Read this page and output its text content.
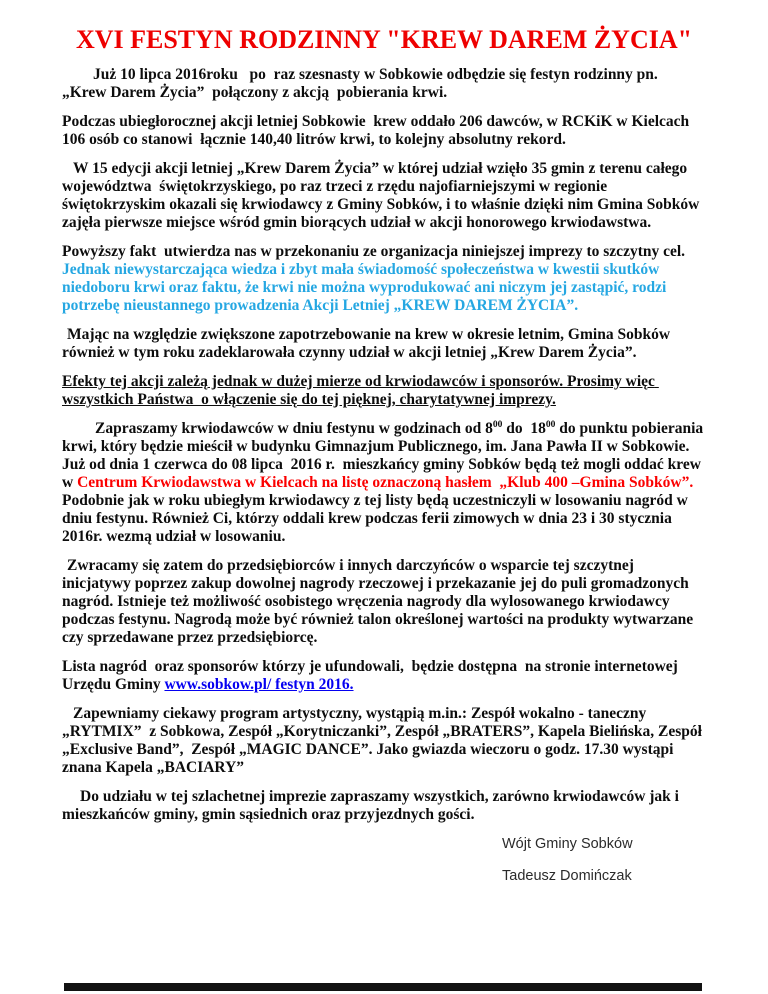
XVI FESTYN RODZINNY "KREW DAREM ŻYCIA"

Już 10 lipca 2016roku   po  raz szesnasty w Sobkowie odbędzie się festyn rodzinny pn. „Krew Darem Życia”  połączony z akcją  pobierania krwi.

Podczas ubiegłorocznej akcji letniej Sobkowie  krew oddało 206 dawców, w RCKiK w Kielcach 106 osób co stanowi  łącznie 140,40 litrów krwi, to kolejny absolutny rekord.

W 15 edycji akcji letniej „Krew Darem Życia” w której udział wzięło 35 gmin z terenu całego województwa  świętokrzyskiego, po raz trzeci z rzędu najofiarniejszymi w regionie świętokrzyskim okazali się krwiodawcy z Gminy Sobków, i to właśnie dzięki nim Gmina Sobków zajęła pierwsze miejsce wśród gmin biorących udział w akcji honorowego krwiodawstwa.

Powyższy fakt  utwierdza nas w przekonaniu ze organizacja niniejszej imprezy to szczytny cel. Jednak niewystarczająca wiedza i zbyt mała świadomość społeczeństwa w kwestii skutków niedoboru krwi oraz faktu, że krwi nie można wyprodukować ani niczym jej zastąpić, rodzi potrzebę nieustannego prowadzenia Akcji Letniej „KREW DAREM ŻYCIA”.

Mając na względzie zwiększone zapotrzebowanie na krew w okresie letnim, Gmina Sobków również w tym roku zadeklarowała czynny udział w akcji letniej „Krew Darem Życia”.

Efekty tej akcji zależą jednak w dużej mierze od krwiodawców i sponsorów. Prosimy więc wszystkich Państwa  o włączenie się do tej pięknej, charytatywnej imprezy.

Zapraszamy krwiodawców w dniu festynu w godzinach od $8^{00}$ do  $18^{00}$ do punktu pobierania krwi, który będzie mieścił w budynku Gimnazjum Publicznego, im. Jana Pawła II w Sobkowie. Już od dnia 1 czerwca do 08 lipca  2016 r.  mieszkańcy gminy Sobków będą też mogli oddać krew w Centrum Krwiodawstwa w Kielcach na listę oznaczoną hasłem  „Klub 400 –Gmina Sobków”.  Podobnie jak w roku ubiegłym krwiodawcy z tej listy będą uczestniczyli w losowaniu nagród w dniu festynu. Również Ci, którzy oddali krew podczas ferii zimowych w dnia 23 i 30 stycznia 2016r. wezmą udział w losowaniu.

Zwracamy się zatem do przedsiębiorców i innych darczyńców o wsparcie tej szczytnej inicjatywy poprzez zakup dowolnej nagrody rzeczowej i przekazanie jej do puli gromadzonych nagród. Istnieje też możliwość osobistego wręczenia nagrody dla wylosowanego krwiodawcy podczas festynu. Nagrodą może być również talon określonej wartości na produkty wytwarzane czy sprzedawane przez przedsiębiorcę.

Lista nagród  oraz sponsorów którzy je ufundowali,  będzie dostępna  na stronie internetowej Urzędu Gminy www.sobkow.pl/ festyn 2016.

Zapewniamy ciekawy program artystyczny, wystąpią m.in.: Zespół wokalno - taneczny „RYTMIX”  z Sobkowa, Zespół „Korytniczanki”, Zespół „BRATERS”, Kapela Bielińska, Zespół „Exclusive Band”,  Zespół „MAGIC DANCE”. Jako gwiazda wieczoru o godz. 17.30 wystąpi znana Kapela „BACIARY”

Do udziału w tej szlachetnej imprezie zapraszamy wszystkich, zarówno krwiodawców jak i mieszkańców gminy, gmin sąsiednich oraz przyjezdnych gości.

Wójt Gminy Sobków
Tadeusz Domińczak
